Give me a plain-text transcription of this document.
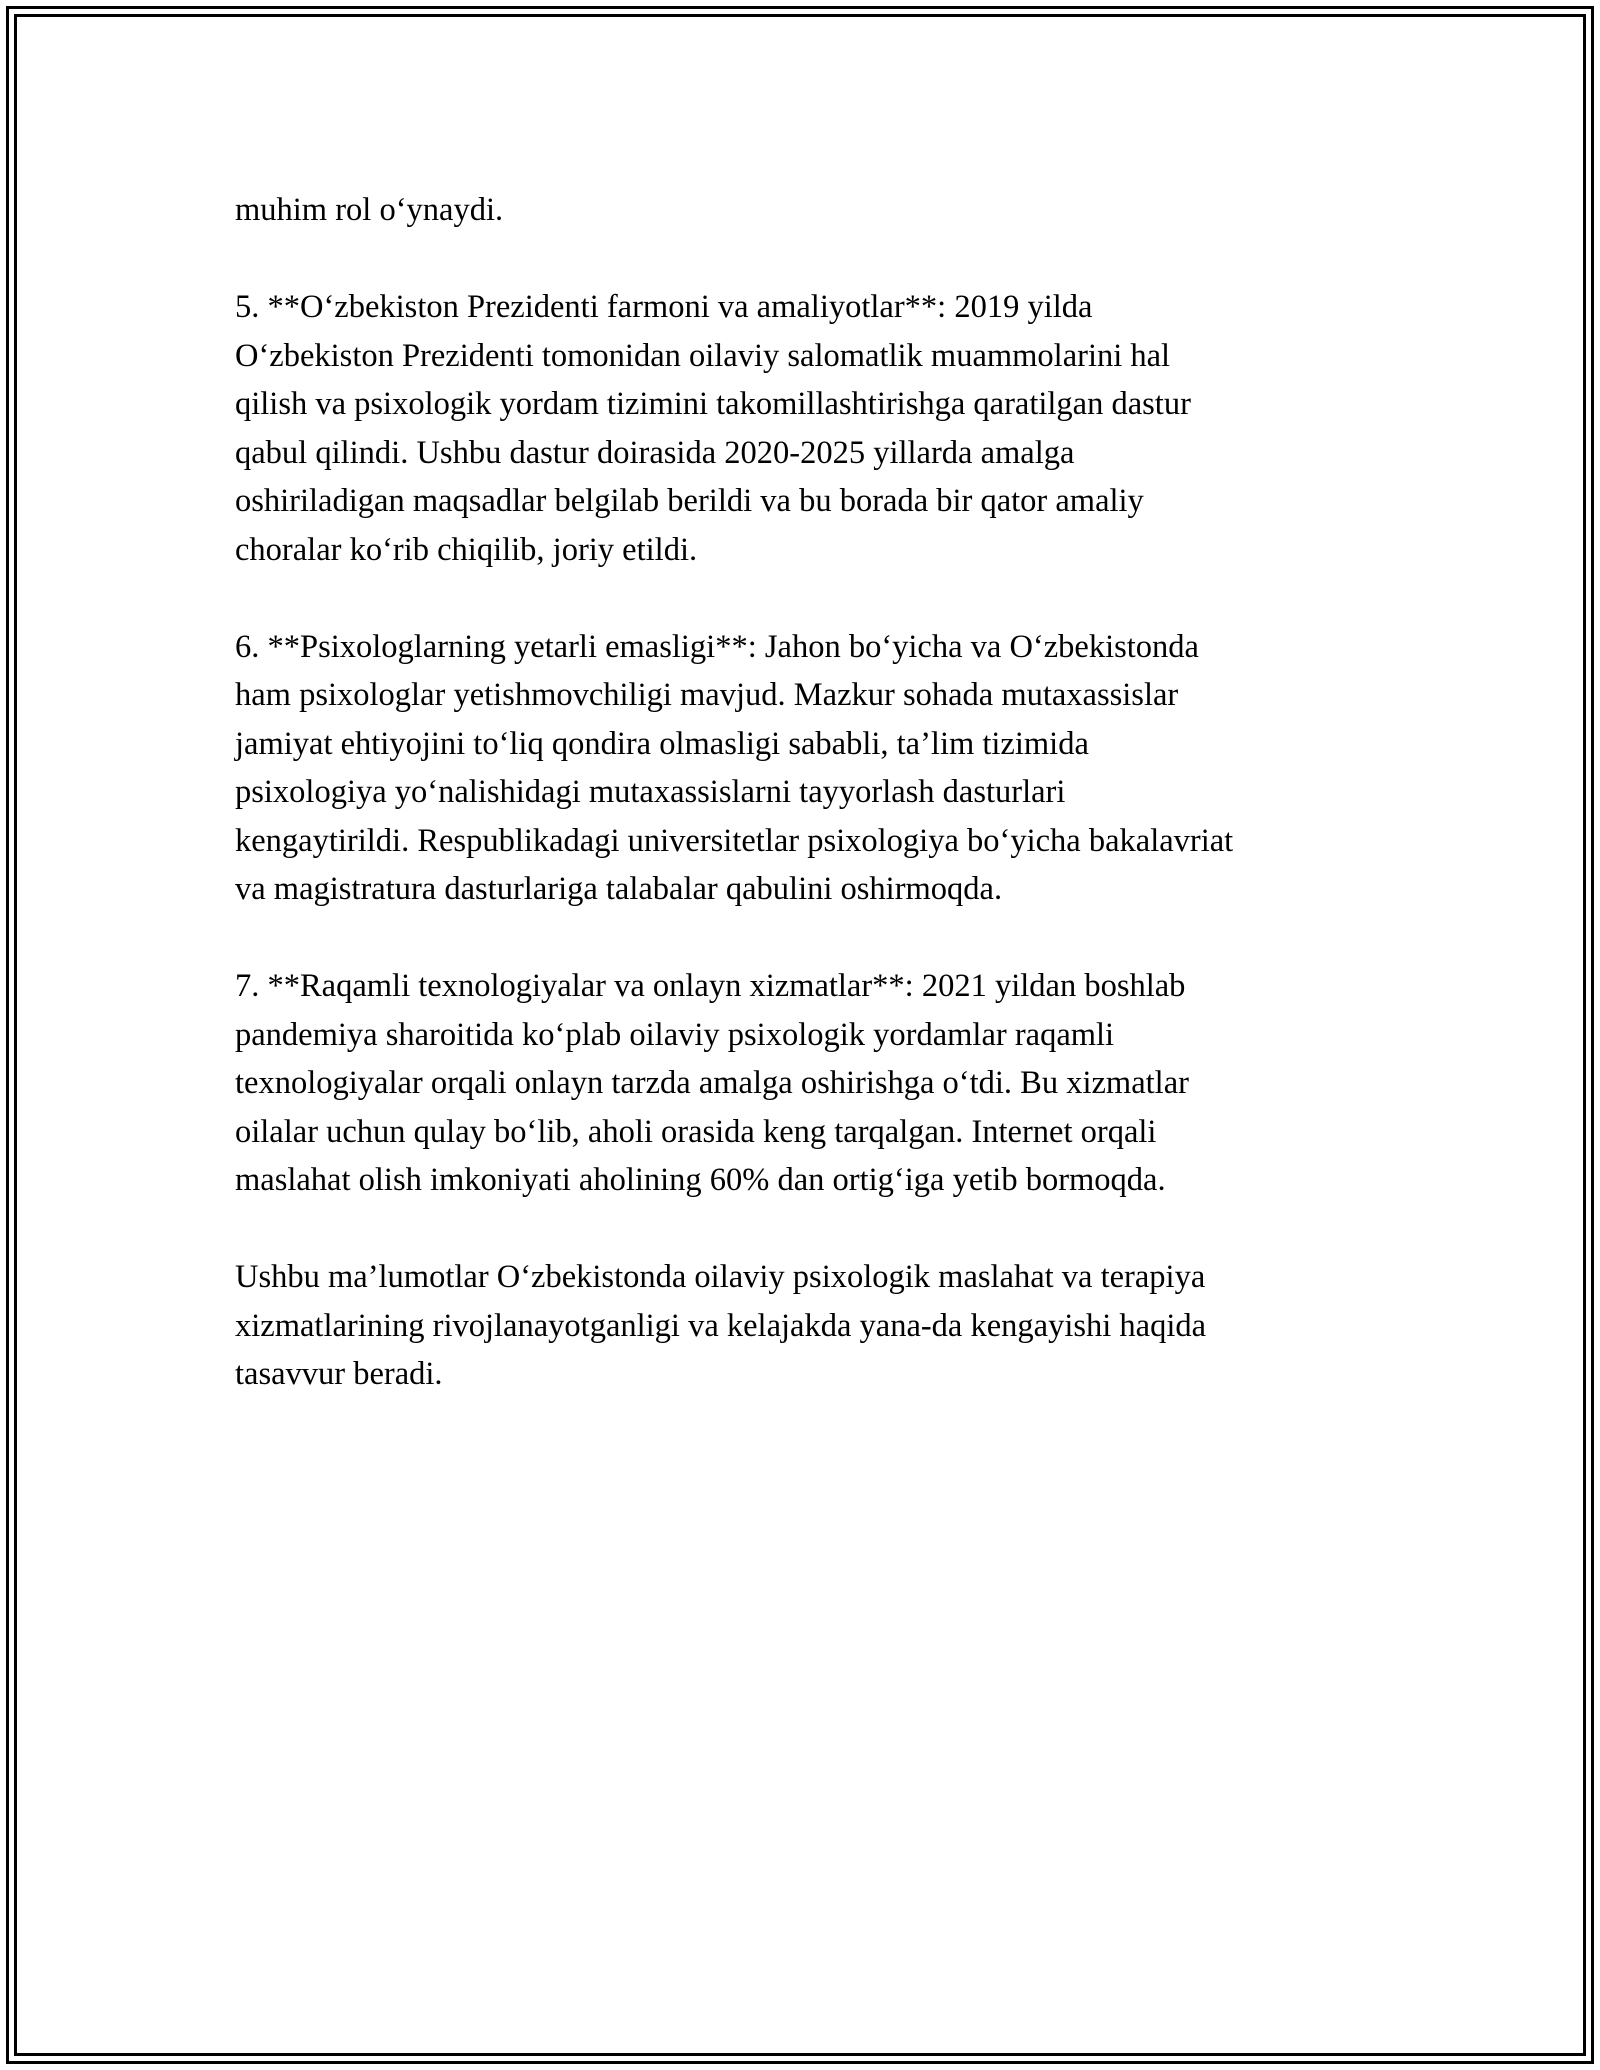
muhim rol o‘ynaydi.

5. **O‘zbekiston Prezidenti farmoni va amaliyotlar**: 2019 yilda
O‘zbekiston Prezidenti tomonidan oilaviy salomatlik muammolarini hal
qilish va psixologik yordam tizimini takomillashtirishga qaratilgan dastur
qabul qilindi. Ushbu dastur doirasida 2020-2025 yillarda amalga
oshiriladigan maqsadlar belgilab berildi va bu borada bir qator amaliy
choralar ko‘rib chiqilib, joriy etildi.

6. **Psixologlarning yetarli emasligi**: Jahon bo‘yicha va O‘zbekistonda
ham psixologlar yetishmovchiligi mavjud. Mazkur sohada mutaxassislar
jamiyat ehtiyojini to‘liq qondira olmasligi sababli, ta’lim tizimida
psixologiya yo‘nalishidagi mutaxassislarni tayyorlash dasturlari
kengaytirildi. Respublikadagi universitetlar psixologiya bo‘yicha bakalavriat
va magistratura dasturlariga talabalar qabulini oshirmoqda.

7. **Raqamli texnologiyalar va onlayn xizmatlar**: 2021 yildan boshlab
pandemiya sharoitida ko‘plab oilaviy psixologik yordamlar raqamli
texnologiyalar orqali onlayn tarzda amalga oshirishga o‘tdi. Bu xizmatlar
oilalar uchun qulay bo‘lib, aholi orasida keng tarqalgan. Internet orqali
maslahat olish imkoniyati aholining 60% dan ortig‘iga yetib bormoqda.

Ushbu ma’lumotlar O‘zbekistonda oilaviy psixologik maslahat va terapiya
xizmatlarining rivojlanayotganligi va kelajakda yana-da kengayishi haqida
tasavvur beradi.
